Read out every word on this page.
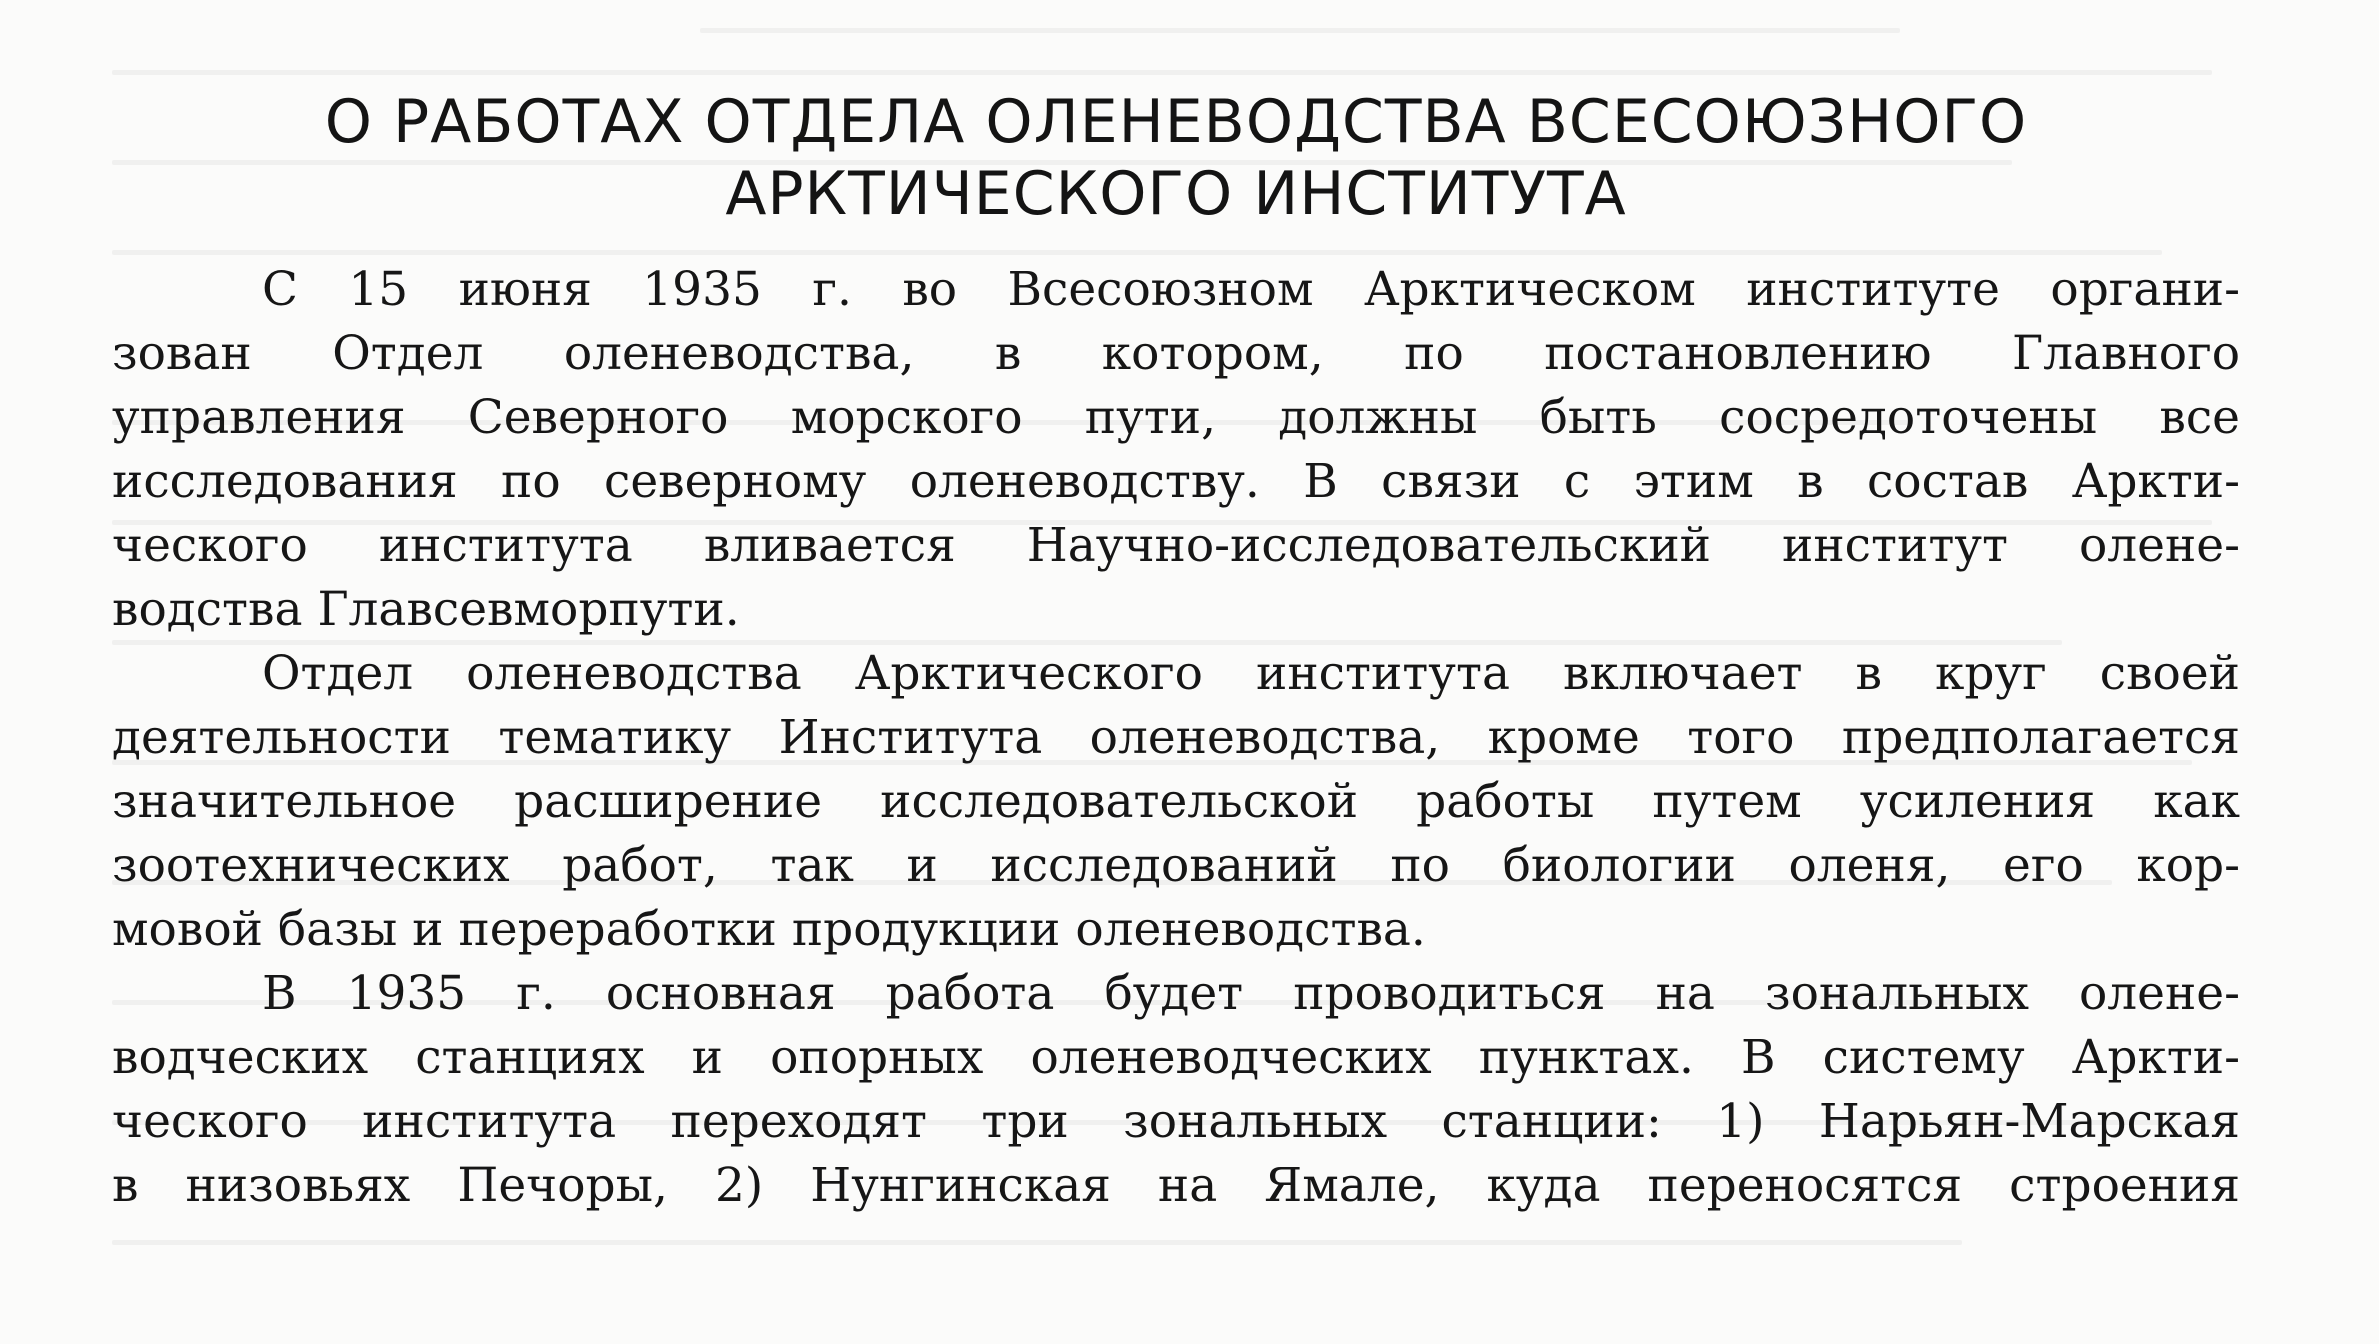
О РАБОТАХ ОТДЕЛА ОЛЕНЕВОДСТВА ВСЕСОЮЗНОГО
АРКТИЧЕСКОГО ИНСТИТУТА
С 15 июня 1935 г. во Всесоюзном Арктическом институте органи-
зован Отдел оленеводства, в котором, по постановлению Главного
управления Северного морского пути, должны быть сосредоточены все
исследования по северному оленеводству. В связи с этим в состав Аркти-
ческого института вливается Научно-исследовательский институт олене-
водства Главсевморпути.
Отдел оленеводства Арктического института включает в круг своей
деятельности тематику Института оленеводства, кроме того предполагается
значительное расширение исследовательской работы путем усиления как
зоотехнических работ, так и исследований по биологии оленя, его кор-
мовой базы и переработки продукции оленеводства.
В 1935 г. основная работа будет проводиться на зональных олене-
водческих станциях и опорных оленеводческих пунктах. В систему Аркти-
ческого института переходят три зональных станции: 1) Нарьян-Марская
в низовьях Печоры, 2) Нунгинская на Ямале, куда переносятся строения
